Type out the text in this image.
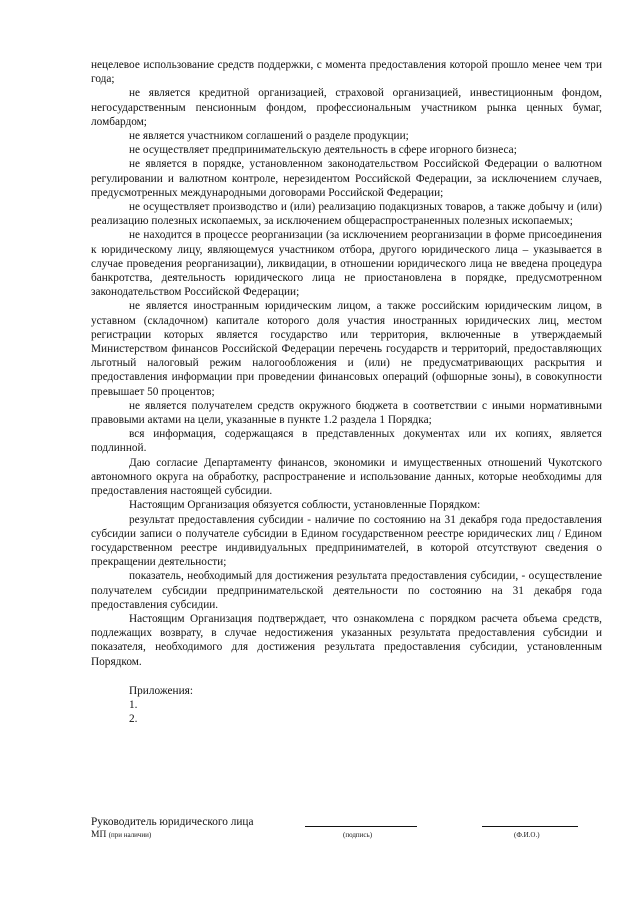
нецелевое использование средств поддержки, с момента предоставления которой прошло менее чем три года;

не является кредитной организацией, страховой организацией, инвестиционным фондом, негосударственным пенсионным фондом, профессиональным участником рынка ценных бумаг, ломбардом;

не является участником соглашений о разделе продукции;

не осуществляет предпринимательскую деятельность в сфере игорного бизнеса;

не является в порядке, установленном законодательством Российской Федерации о валютном регулировании и валютном контроле, нерезидентом Российской Федерации, за исключением случаев, предусмотренных международными договорами Российской Федерации;

не осуществляет производство и (или) реализацию подакцизных товаров, а также добычу и (или) реализацию полезных ископаемых, за исключением общераспространенных полезных ископаемых;

не находится в процессе реорганизации (за исключением реорганизации в форме присоединения к юридическому лицу, являющемуся участником отбора, другого юридического лица – указывается в случае проведения реорганизации), ликвидации, в отношении юридического лица не введена процедура банкротства, деятельность юридического лица не приостановлена в порядке, предусмотренном законодательством Российской Федерации;

не является иностранным юридическим лицом, а также российским юридическим лицом, в уставном (складочном) капитале которого доля участия иностранных юридических лиц, местом регистрации которых является государство или территория, включенные в утверждаемый Министерством финансов Российской Федерации перечень государств и территорий, предоставляющих льготный налоговый режим налогообложения и (или) не предусматривающих раскрытия и предоставления информации при проведении финансовых операций (офшорные зоны), в совокупности превышает 50 процентов;

не является получателем средств окружного бюджета в соответствии с иными нормативными правовыми актами на цели, указанные в пункте 1.2 раздела 1 Порядка;

вся информация, содержащаяся в представленных документах или их копиях, является подлинной.

Даю согласие Департаменту финансов, экономики и имущественных отношений Чукотского автономного округа на обработку, распространение и использование данных, которые необходимы для предоставления настоящей субсидии.

Настоящим Организация обязуется соблюсти, установленные Порядком:

результат предоставления субсидии - наличие по состоянию на 31 декабря года предоставления субсидии записи о получателе субсидии в Едином государственном реестре юридических лиц / Едином государственном реестре индивидуальных предпринимателей, в которой отсутствуют сведения о прекращении деятельности;

показатель, необходимый для достижения результата предоставления субсидии, - осуществление получателем субсидии предпринимательской деятельности по состоянию на 31 декабря года предоставления субсидии.

Настоящим Организация подтверждает, что ознакомлена с порядком расчета объема средств, подлежащих возврату, в случае недостижения указанных результата предоставления субсидии и показателя, необходимого для достижения результата предоставления субсидии, установленным Порядком.

Приложения:
1.
2.
Руководитель юридического лица
МП (при наличии)	(подпись)	(Ф.И.О.)
